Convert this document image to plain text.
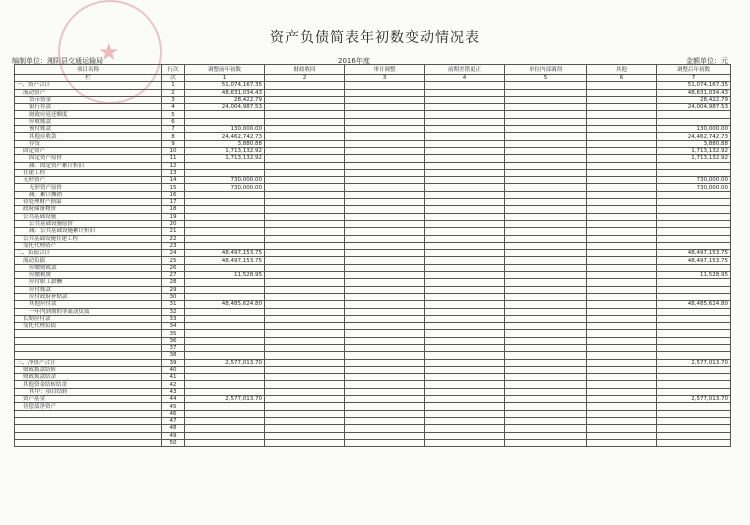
资产负债简表年初数变动情况表
编制单位：湘阴县交通运输局	2016年度	金额单位：元
★
项目名称	行次	调整前年初数	财政收回	审计调整	前期差错更正	单位内部调剂	其他	调整后年初数
栏	次	1	2	3	4	5	6	7
一、资产合计	1	51,074,167.35						51,074,167.35
流动资产	2	48,631,034.43						48,631,034.43
货币资金	3	28,422.79						28,422.79
银行存款	4	24,004,987.53						24,004,987.53
财政应返还额度	5							
应收账款	6							
预付账款	7	130,000.00						130,000.00
其他应收款	8	24,462,742.73						24,462,742.73
存货	9	3,880.88						3,880.88
固定资产	10	1,713,132.92						1,713,132.92
固定资产原价	11	1,713,132.92						1,713,132.92
减：固定资产累计折旧	12							
在建工程	13							
无形资产	14	730,000.00						730,000.00
无形资产原价	15	730,000.00						730,000.00
减：累计摊销	16							
待处理财产损溢	17							
政府储备物资	18							
公共基础设施	19							
公共基础设施原价	20							
减：公共基础设施累计折旧	21							
公共基础设施在建工程	22							
受托代理资产	23							
二、负债合计	24	48,497,153.75						48,497,153.75
流动负债	25	48,497,153.75						48,497,153.75
应缴财政款	26							
应缴税费	27	11,528.95						11,528.95
应付职工薪酬	28							
应付账款	29							
应付政府补贴款	30							
其他应付款	31	48,485,624.80						48,485,624.80
一年内到期的非流动负债	32							
长期应付款	33							
受托代理负债	34							
	35							
	36							
	37							
	38							
三、净资产合计	39	2,577,013.70						2,577,013.70
财政拨款结转	40							
财政拨款结余	41							
其他资金结转结余	42							
其中：项目结转	43							
资产基金	44	2,577,013.70						2,577,013.70
待偿债净资产	45							
	46							
	47							
	48							
	49							
	50							
